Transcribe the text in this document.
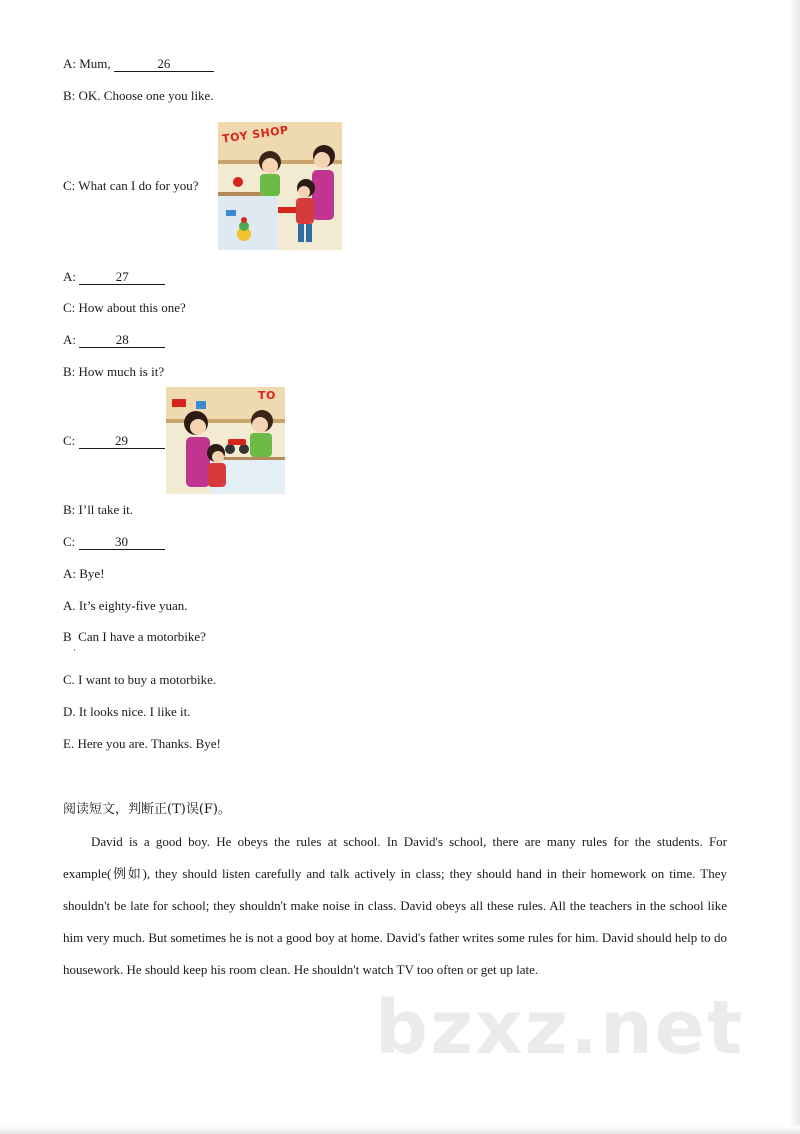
A: Mum,	26
B: OK. Choose one you like.
C: What can I do for you?
TOY SHOP
A:	27
C: How about this one?
A:	28
B: How much is it?
C:	29
TO
B: I’ll take it.
C:	30
A: Bye!
A. It’s eighty-five yuan.
B  Can I have a motorbike?
·
C. I want to buy a motorbike.
D. It looks nice. I like it.
E. Here you are. Thanks. Bye!
阅读短文，判断正(T)误(F)。
David is a good boy. He obeys the rules at school. In David's school, there are many rules for the students. For example(例如), they should listen carefully and talk actively in class; they should hand in their homework on time. They shouldn't be late for school; they shouldn't make noise in class. David obeys all these rules. All the teachers in the school like him very much. But sometimes he is not a good boy at home. David's father writes some rules for him. David should help to do housework. He should keep his room clean. He shouldn't watch TV too often or get up late.
bzxz.net
